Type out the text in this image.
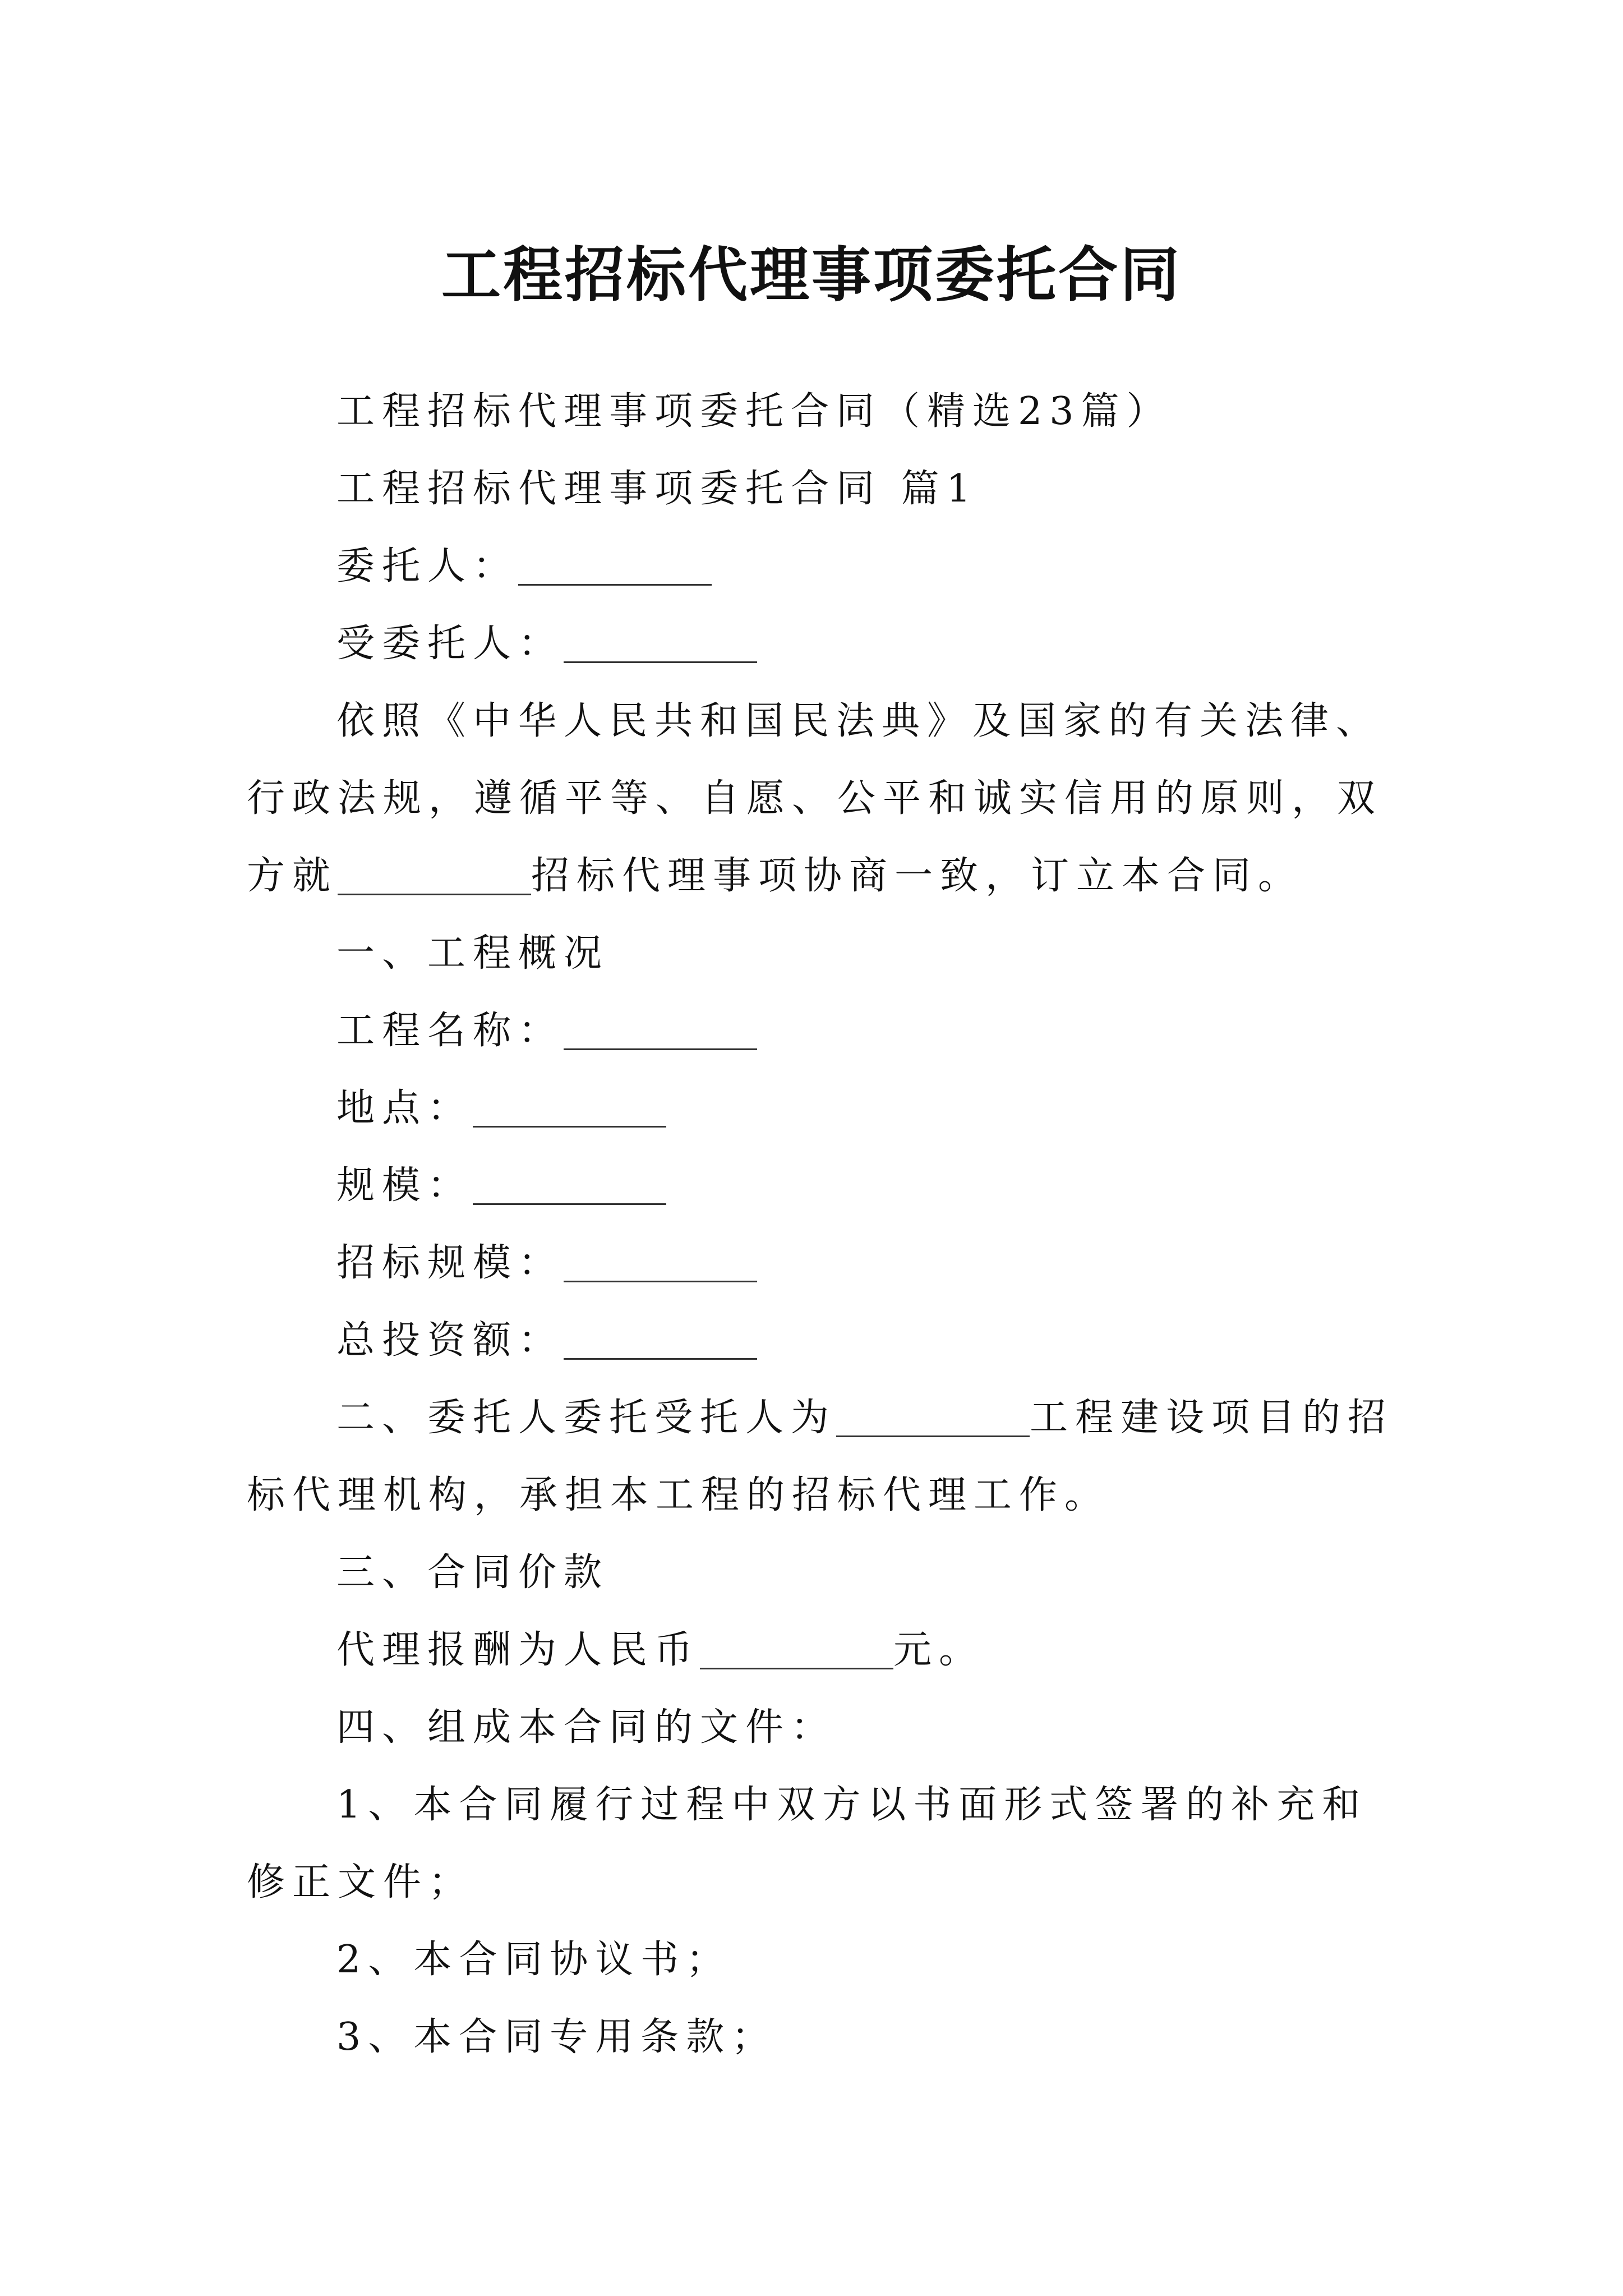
工程招标代理事项委托合同

工程招标代理事项委托合同（精选23篇）

工程招标代理事项委托合同 篇1

委托人：

受委托人：

依照《中华人民共和国民法典》及国家的有关法律、行政法规，遵循平等、自愿、公平和诚实信用的原则，双方就	招标代理事项协商一致，订立本合同。

一、工程概况

工程名称：

地点：

规模：

招标规模：

总投资额：

二、委托人委托受托人为	工程建设项目的招标代理机构，承担本工程的招标代理工作。

三、合同价款

代理报酬为人民币	元。

四、组成本合同的文件：

1、本合同履行过程中双方以书面形式签署的补充和修正文件；

2、本合同协议书；

3、本合同专用条款；
